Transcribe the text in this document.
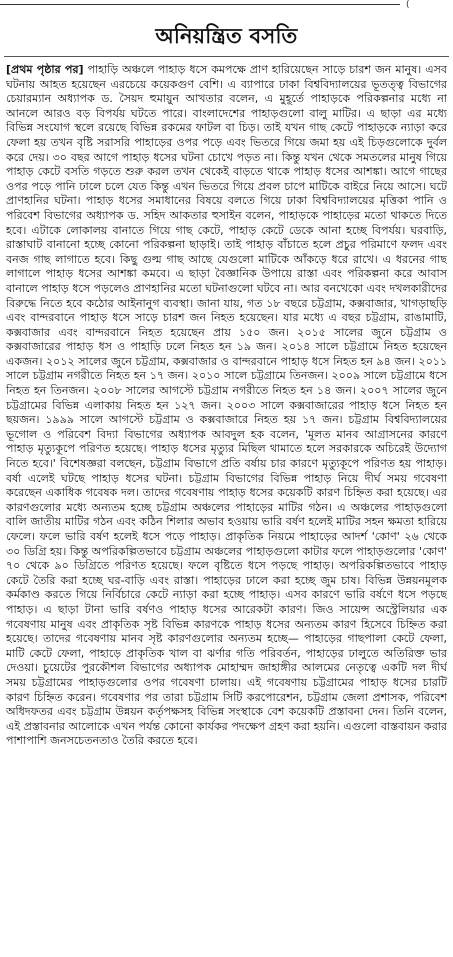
(
অনিয়ন্ত্রিত বসতি

[প্রথম পৃষ্ঠার পর] পাহাড়ি অঞ্চলে পাহাড় ধসে কমপক্ষে প্রাণ হারিয়েছেন সাড়ে চারশ জন মানুষ। এসব ঘটনায় আহত হয়েছেন এরচেয়ে কয়েকগুণ বেশি। এ ব্যাপারে ঢাকা বিশ্ববিদ্যালয়ের ভূতত্ত্ব বিভাগের চেয়ারম্যান অধ্যাপক ড. সৈয়দ হুমায়ুন আখতার বলেন, এ মুহূর্তে পাহাড়কে পরিকল্পনার মধ্যে না আনলে আরও বড় বিপর্যয় ঘটতে পারে। বাংলাদেশের পাহাড়গুলো বালু মাটির। এ ছাড়া এর মধ্যে বিভিন্ন সংযোগ স্থলে রয়েছে বিভিন্ন রকমের ফাটল বা চিড়। তাই যখন গাছ কেটে পাহাড়কে ন্যাড়া করে ফেলা হয় তখন বৃষ্টি সরাসরি পাহাড়ের ওপর পড়ে এবং ভিতরে গিয়ে জমা হয় এই চিড়গুলোকে দুর্বল করে দেয়। ৩০ বছর আগে পাহাড় ধসের ঘটনা চোখে পড়ত না। কিন্তু যখন থেকে সমতলের মানুষ গিয়ে পাহাড় কেটে বসতি গড়তে শুরু করল তখন থেকেই বাড়তে থাকে পাহাড় ধসের আশঙ্কা। আগে গাছের ওপর পড়ে পানি ঢালে চলে যেত কিন্তু এখন ভিতরে গিয়ে প্রবল চাপে মাটিকে বাইরে নিয়ে আসে। ঘটে প্রাণহানির ঘটনা। পাহাড় ধসের সমাধানের বিষয়ে বলতে গিয়ে ঢাকা বিশ্ববিদ্যালয়ের মৃত্তিকা পানি ও পরিবেশ বিভাগের অধ্যাপক ড. সহিদ আকতার হুসাইন বলেন, পাহাড়কে পাহাড়ের মতো থাকতে দিতে হবে। এটাকে লোকালয় বানাতে গিয়ে গাছ কেটে, পাহাড় কেটে ডেকে আনা হচ্ছে বিপর্যয়। ঘরবাড়ি, রাস্তাঘাট বানানো হচ্ছে কোনো পরিকল্পনা ছাড়াই। তাই পাহাড় বাঁচাতে হলে প্রচুর পরিমাণে ফলদ এবং বনজ গাছ লাগাতে হবে। কিছু গুল্ম গাছ আছে যেগুলো মাটিকে আঁকড়ে ধরে রাখে। এ ধরনের গাছ লাগালে পাহাড় ধসের আশঙ্কা কমবে। এ ছাড়া বৈজ্ঞানিক উপায়ে রাস্তা এবং পরিকল্পনা করে আবাস বানালে পাহাড় ধসে পড়লেও প্রাণহানির মতো ঘটনাগুলো ঘটবে না। আর বনখেকো এবং দখলকারীদের বিরুদ্ধে নিতে হবে কঠোর আইনানুগ ব্যবস্থা। জানা যায়, গত ১৮ বছরে চট্টগ্রাম, কক্সবাজার, খাগড়াছড়ি এবং বান্দরবানে পাহাড় ধসে সাড়ে চারশ জন নিহত হয়েছেন। যার মধ্যে এ বছর চট্টগ্রাম, রাঙামাটি, কক্সবাজার এবং বান্দরবানে নিহত হয়েছেন প্রায় ১৫০ জন। ২০১৫ সালের জুনে চট্টগ্রাম ও কক্সবাজারের পাহাড় ধস ও পাহাড়ি ঢলে নিহত হন ১৯ জন। ২০১৪ সালে চট্টগ্রামে নিহত হয়েছেন একজন। ২০১২ সালের জুনে চট্টগ্রাম, কক্সবাজার ও বান্দরবানে পাহাড় ধসে নিহত হন ৯৪ জন। ২০১১ সালে চট্টগ্রাম নগরীতে নিহত হন ১৭ জন। ২০১০ সালে চট্টগ্রামে তিনজন। ২০০৯ সালে চট্টগ্রামে ধসে নিহত হন তিনজন। ২০০৮ সালের আগস্টে চট্টগ্রাম নগরীতে নিহত হন ১৪ জন। ২০০৭ সালের জুনে চট্টগ্রামের বিভিন্ন এলাকায় নিহত হন ১২৭ জন। ২০০৩ সালে কক্সবাজারের পাহাড় ধসে নিহত হন ছয়জন। ১৯৯৯ সালে আগস্টে চট্টগ্রাম ও কক্সবাজারে নিহত হয় ১৭ জন। চট্টগ্রাম বিশ্ববিদ্যালয়ের ভূগোল ও পরিবেশ বিদ্যা বিভাগের অধ্যাপক আবদুল হক বলেন, 'মূলত মানব আগ্রাসনের কারণে পাহাড় মৃত্যুকূপে পরিণত হয়েছে। পাহাড় ধসের মৃত্যুর মিছিল থামাতে হলে সরকারকে অচিরেই উদ্যোগ নিতে হবে।' বিশেষজ্ঞরা বলছেন, চট্টগ্রাম বিভাগে প্রতি বর্ষায় চার কারণে মৃত্যুকূপে পরিণত হয় পাহাড়। বর্ষা এলেই ঘটছে পাহাড় ধসের ঘটনা। চট্টগ্রাম বিভাগের বিভিন্ন পাহাড় নিয়ে দীর্ঘ সময় গবেষণা করেছেন একাধিক গবেষক দল। তাদের গবেষণায় পাহাড় ধসের কয়েকটি কারণ চিহ্নিত করা হয়েছে। এর কারণগুলোর মধ্যে অন্যতম হচ্ছে চট্টগ্রাম অঞ্চলের পাহাড়ের মাটির গঠন। এ অঞ্চলের পাহাড়গুলো বালি জাতীয় মাটির গঠন এবং কঠিন শিলার অভাব হওয়ায় ভারি বর্ষণ হলেই মাটির সহন ক্ষমতা হারিয়ে ফেলে। ফলে ভারি বর্ষণ হলেই ধসে পড়ে পাহাড়। প্রাকৃতিক নিয়মে পাহাড়ের আদর্শ 'কোণ' ২৬ থেকে ৩০ ডিগ্রি হয়। কিন্তু অপরিকল্পিতভাবে চট্টগ্রাম অঞ্চলের পাহাড়গুলো কাটার ফলে পাহাড়গুলোর 'কোণ' ৭০ থেকে ৯০ ডিগ্রিতে পরিণত হয়েছে। ফলে বৃষ্টিতে ধসে পড়ছে পাহাড়। অপরিকল্পিতভাবে পাহাড় কেটে তৈরি করা হচ্ছে ঘর-বাড়ি এবং রাস্তা। পাহাড়ের ঢালে করা হচ্ছে জুম চাষ। বিভিন্ন উন্নয়নমূলক কর্মকাণ্ড করতে গিয়ে নির্বিচারে কেটে ন্যাড়া করা হচ্ছে পাহাড়। এসব কারণে ভারি বর্ষণে ধসে পড়ছে পাহাড়। এ ছাড়া টানা ভারি বর্ষণও পাহাড় ধসের আরেকটা কারণ। জিও সায়েন্স অস্ট্রেলিয়ার এক গবেষণায় মানুষ এবং প্রাকৃতিক সৃষ্ট বিভিন্ন কারণকে পাহাড় ধসের অন্যতম কারণ হিসেবে চিহ্নিত করা হয়েছে। তাদের গবেষণায় মানব সৃষ্ট কারণগুলোর অন্যতম হচ্ছে— পাহাড়ের গাছপালা কেটে ফেলা, মাটি কেটে ফেলা, পাহাড়ে প্রাকৃতিক খাল বা ঝর্ণার গতি পরিবর্তন, পাহাড়ের ঢালুতে অতিরিক্ত ভার দেওয়া। চুয়েটের পুরকৌশল বিভাগের অধ্যাপক মোহাম্মদ জাহাঙ্গীর আলমের নেতৃত্বে একটি দল দীর্ঘ সময় চট্টগ্রামের পাহাড়গুলোর ওপর গবেষণা চালায়। এই গবেষণায় চট্টগ্রামের পাহাড় ধসের চারটি কারণ চিহ্নিত করেন। গবেষণার পর তারা চট্টগ্রাম সিটি করপোরেশন, চট্টগ্রাম জেলা প্রশাসক, পরিবেশ অধিদফতর এবং চট্টগ্রাম উন্নয়ন কর্তৃপক্ষসহ বিভিন্ন সংস্থাকে বেশ কয়েকটি প্রস্তাবনা দেন। তিনি বলেন, এই প্রস্তাবনার আলোকে এখন পর্যন্ত কোনো কার্যকর পদক্ষেপ গ্রহণ করা হয়নি। এগুলো বাস্তবায়ন করার পাশাপাশি জনসচেতনতাও তৈরি করতে হবে।
